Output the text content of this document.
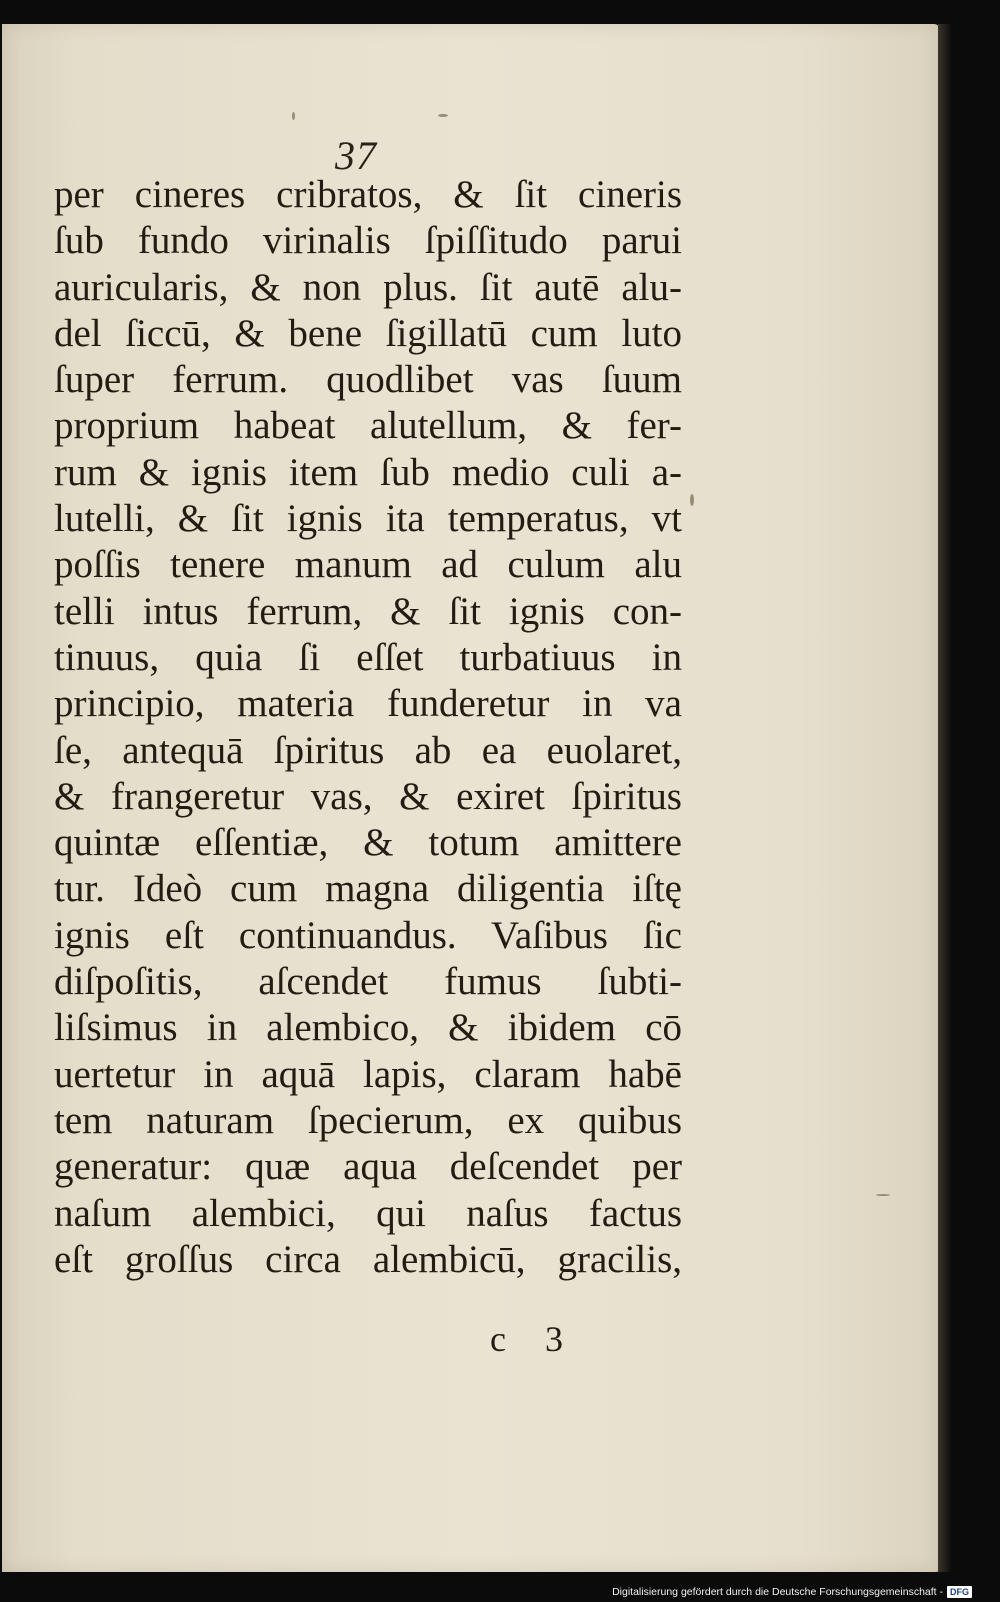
37
per cineres cribratos, & ſit cineris
ſub fundo virinalis ſpiſſitudo parui
auricularis, & non plus. ſit autē alu-
del ſiccū, & bene ſigillatū cum luto
ſuper ferrum. quodlibet vas ſuum
proprium habeat alutellum, & fer-
rum & ignis item ſub medio culi a-
lutelli, & ſit ignis ita temperatus, vt
poſſis tenere manum ad culum alu
telli intus ferrum, & ſit ignis con-
tinuus, quia ſi eſſet turbatiuus in
principio, materia funderetur in va
ſe, antequā ſpiritus ab ea euolaret,
& frangeretur vas, & exiret ſpiritus
quintæ eſſentiæ, & totum amittere
tur. Ideò cum magna diligentia iſtę
ignis eſt continuandus. Vaſibus ſic
diſpoſitis, aſcendet fumus ſubti-
liſsimus in alembico, & ibidem cō
uertetur in aquā lapis, claram habē
tem naturam ſpecierum, ex quibus
generatur: quæ aqua deſcendet per
naſum alembici, qui naſus factus
eſt groſſus circa alembicū, gracilis,
c 3
Digitalisierung gefördert durch die Deutsche Forschungsgemeinschaft - DFG
